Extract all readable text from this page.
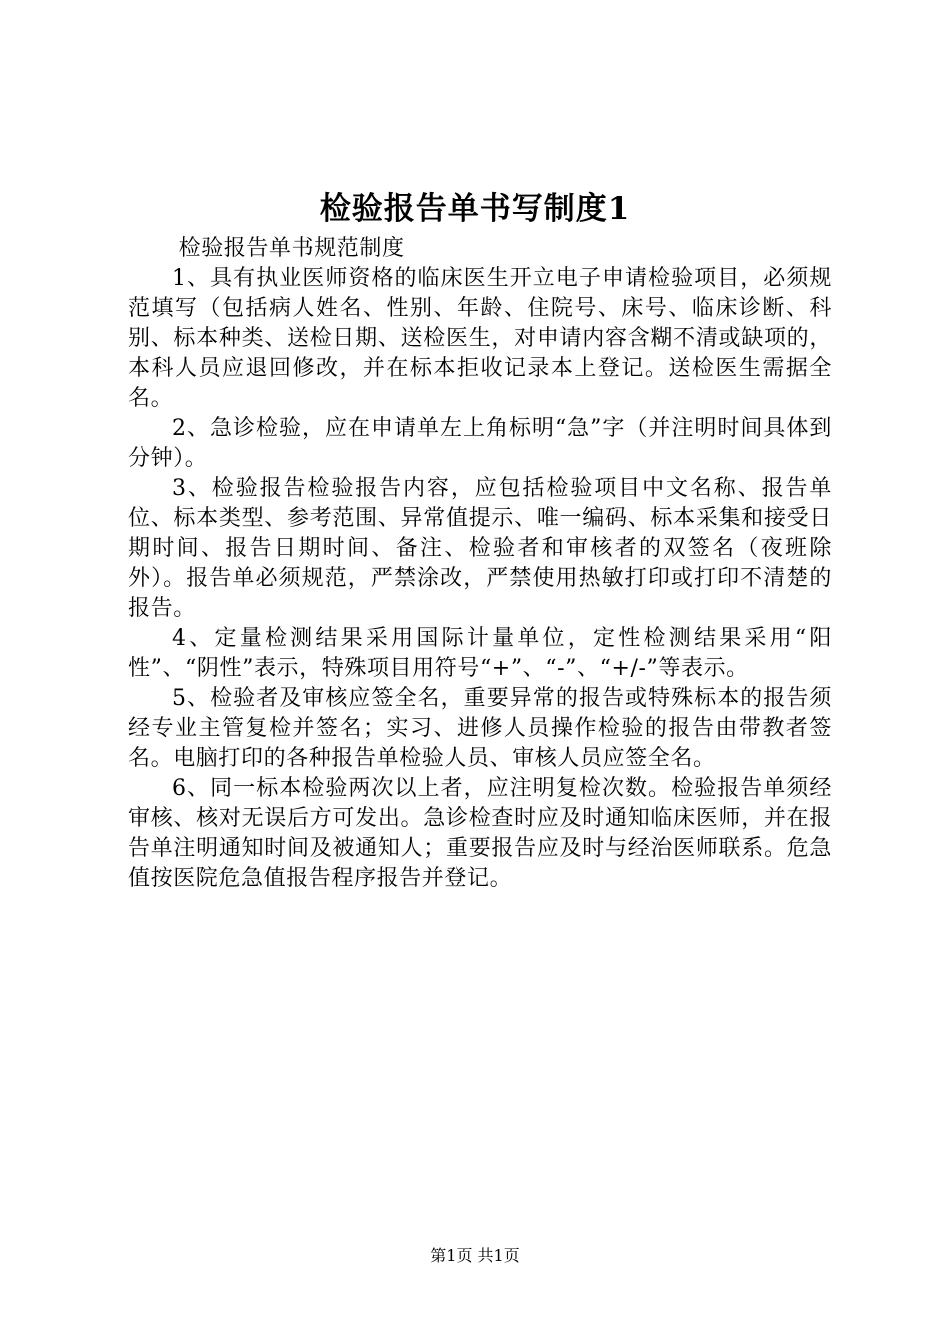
检验报告单书写制度1

检验报告单书规范制度

1、具有执业医师资格的临床医生开立电子申请检验项目，必须规范填写（包括病人姓名、性别、年龄、住院号、床号、临床诊断、科别、标本种类、送检日期、送检医生，对申请内容含糊不清或缺项的，本科人员应退回修改，并在标本拒收记录本上登记。送检医生需据全名。

2、急诊检验，应在申请单左上角标明“急”字（并注明时间具体到分钟）。

3、检验报告检验报告内容，应包括检验项目中文名称、报告单位、标本类型、参考范围、异常值提示、唯一编码、标本采集和接受日期时间、报告日期时间、备注、检验者和审核者的双签名（夜班除外）。报告单必须规范，严禁涂改，严禁使用热敏打印或打印不清楚的报告。

4、定量检测结果采用国际计量单位，定性检测结果采用“阳性”、“阴性”表示，特殊项目用符号“+”、“-”、“+/-”等表示。

5、检验者及审核应签全名，重要异常的报告或特殊标本的报告须经专业主管复检并签名；实习、进修人员操作检验的报告由带教者签名。电脑打印的各种报告单检验人员、审核人员应签全名。

6、同一标本检验两次以上者，应注明复检次数。检验报告单须经审核、核对无误后方可发出。急诊检查时应及时通知临床医师，并在报告单注明通知时间及被通知人；重要报告应及时与经治医师联系。危急值按医院危急值报告程序报告并登记。

第1页 共1页
